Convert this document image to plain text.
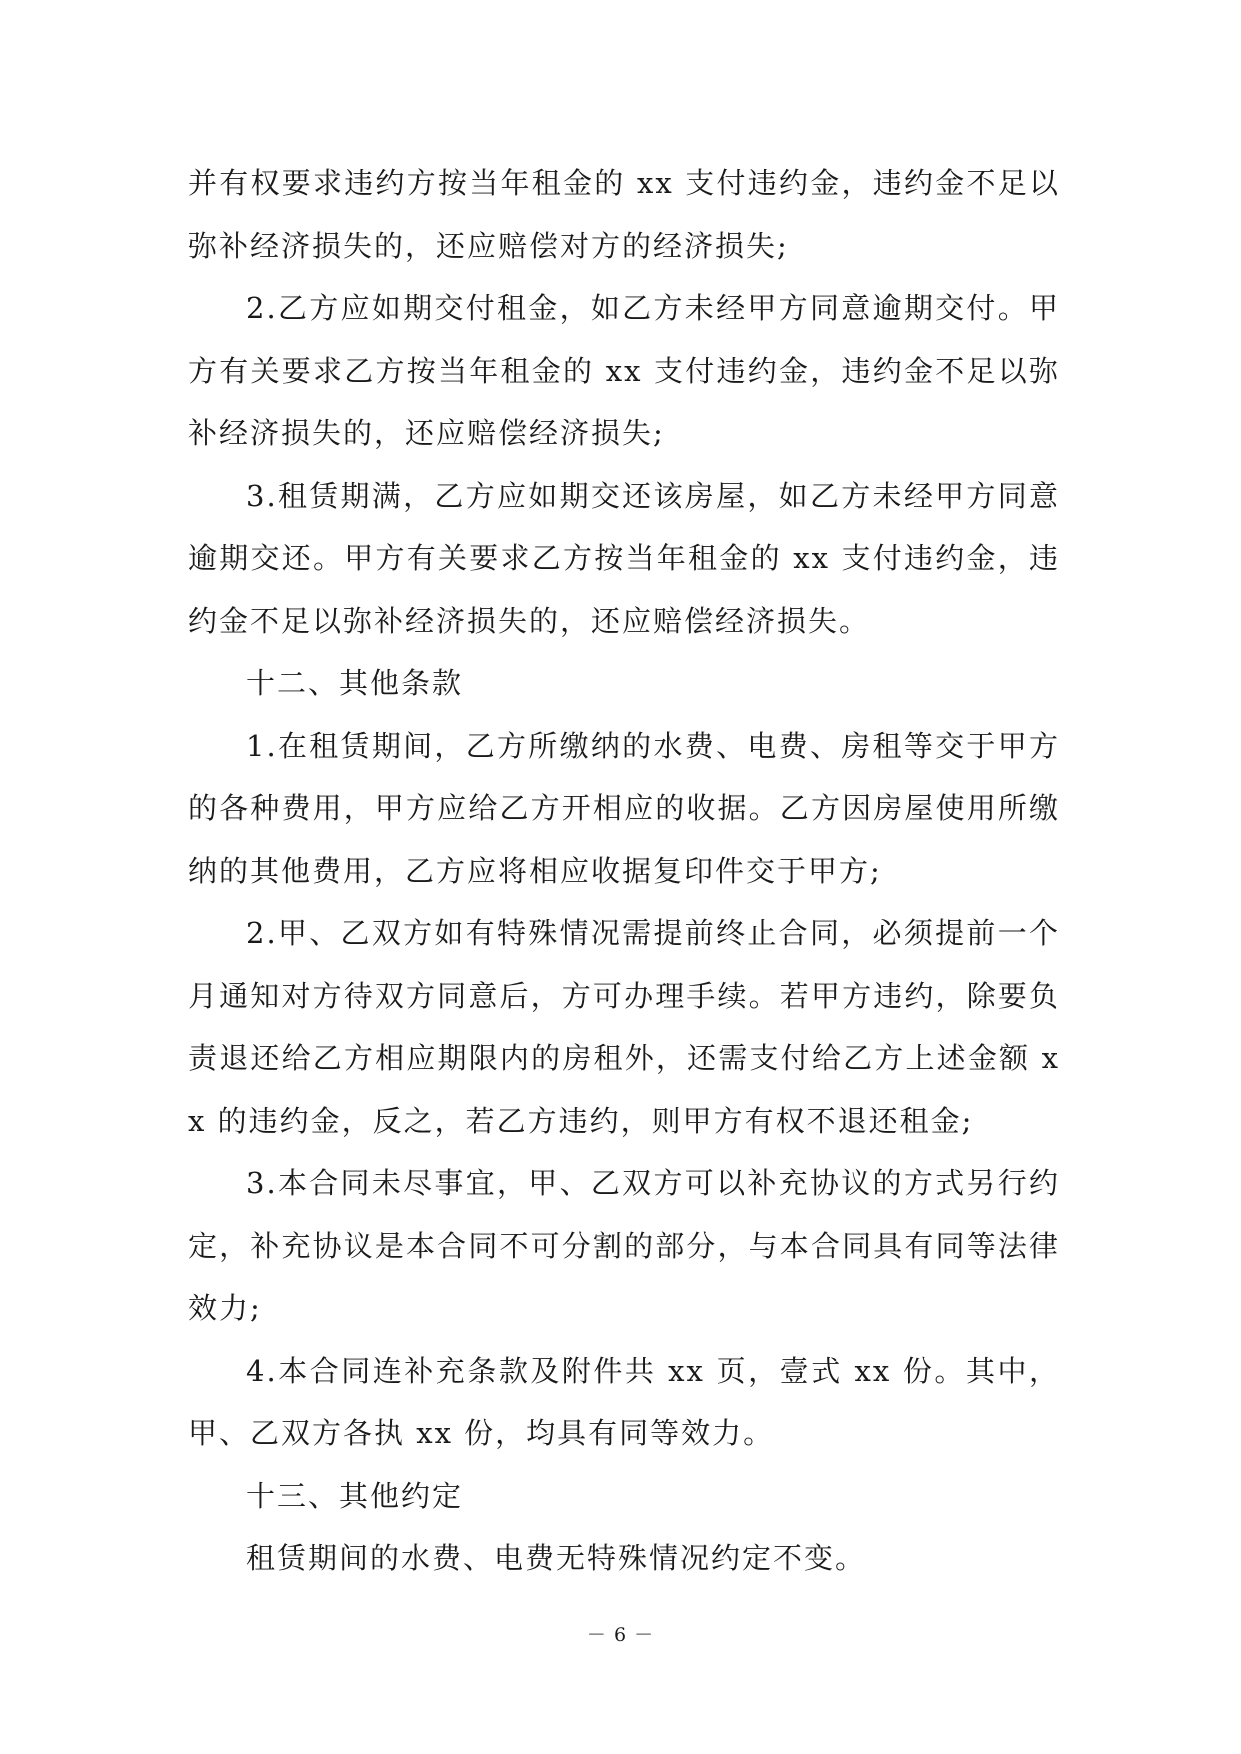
并有权要求违约方按当年租金的 xx 支付违约金，违约金不足以弥补经济损失的，还应赔偿对方的经济损失;

2.乙方应如期交付租金，如乙方未经甲方同意逾期交付。甲方有关要求乙方按当年租金的 xx 支付违约金，违约金不足以弥补经济损失的，还应赔偿经济损失;

3.租赁期满，乙方应如期交还该房屋，如乙方未经甲方同意逾期交还。甲方有关要求乙方按当年租金的 xx 支付违约金，违约金不足以弥补经济损失的，还应赔偿经济损失。

十二、其他条款

1.在租赁期间，乙方所缴纳的水费、电费、房租等交于甲方的各种费用，甲方应给乙方开相应的收据。乙方因房屋使用所缴纳的其他费用，乙方应将相应收据复印件交于甲方;

2.甲、乙双方如有特殊情况需提前终止合同，必须提前一个月通知对方待双方同意后，方可办理手续。若甲方违约，除要负责退还给乙方相应期限内的房租外，还需支付给乙方上述金额 xx 的违约金，反之，若乙方违约，则甲方有权不退还租金;

3.本合同未尽事宜，甲、乙双方可以补充协议的方式另行约定，补充协议是本合同不可分割的部分，与本合同具有同等法律效力;

4.本合同连补充条款及附件共 xx 页，壹式 xx 份。其中，甲、乙双方各执 xx 份，均具有同等效力。

十三、其他约定

租赁期间的水费、电费无特殊情况约定不变。

－ 6 －
